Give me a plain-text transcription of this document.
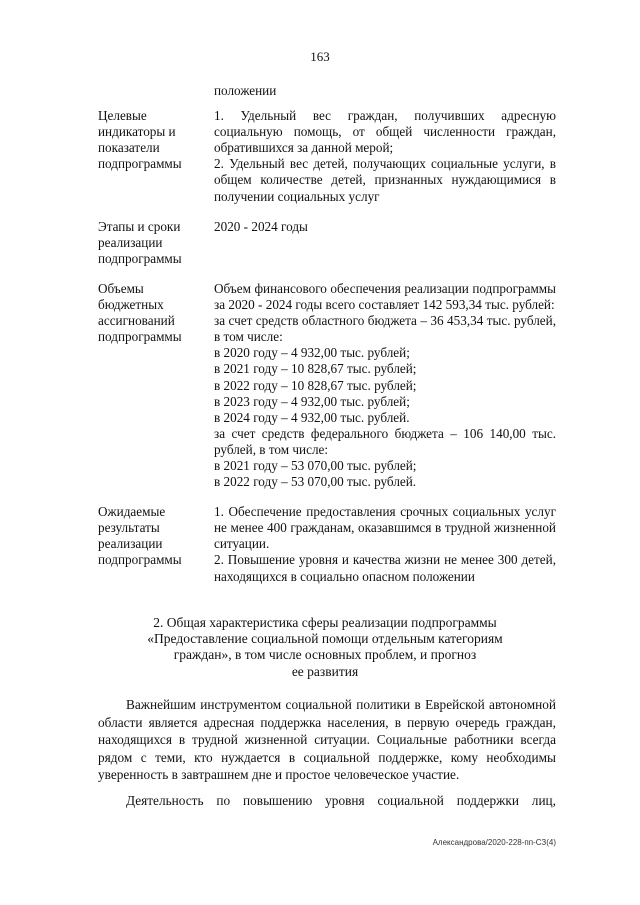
163

положении

Целевые
индикаторы и
показатели
подпрограммы

1. Удельный вес граждан, получивших адресную социальную помощь, от общей численности граждан, обратившихся за данной мерой;

2. Удельный вес детей, получающих социальные услуги, в общем количестве детей, признанных нуждающимися в получении социальных услуг

Этапы и сроки
реализации
подпрограммы

2020 - 2024 годы

Объемы
бюджетных
ассигнований
подпрограммы

Объем финансового обеспечения реализации подпрограммы за 2020 - 2024 годы всего составляет 142 593,34 тыс. рублей:

за счет средств областного бюджета – 36 453,34 тыс. рублей, в том числе:

в 2020 году – 4 932,00 тыс. рублей;

в 2021 году – 10 828,67 тыс. рублей;

в 2022 году – 10 828,67 тыс. рублей;

в 2023 году – 4 932,00 тыс. рублей;

в 2024 году – 4 932,00 тыс. рублей.

за счет средств федерального бюджета – 106 140,00 тыс. рублей, в том числе:

в 2021 году – 53 070,00 тыс. рублей;

в 2022 году – 53 070,00 тыс. рублей.

Ожидаемые
результаты
реализации
подпрограммы

1. Обеспечение предоставления срочных социальных услуг не менее 400 гражданам, оказавшимся в трудной жизненной ситуации.

2. Повышение уровня и качества жизни не менее 300 детей, находящихся в социально опасном положении

2. Общая характеристика сферы реализации подпрограммы
«Предоставление социальной помощи отдельным категориям
граждан», в том числе основных проблем, и прогноз
ее развития

Важнейшим инструментом социальной политики в Еврейской автономной области является адресная поддержка населения, в первую очередь граждан, находящихся в трудной жизненной ситуации. Социальные работники всегда рядом с теми, кто нуждается в социальной поддержке, кому необходимы уверенность в завтрашнем дне и простое человеческое участие.

Деятельность по повышению уровня социальной поддержки лиц,

Александрова/2020-228-пп-СЗ(4)
